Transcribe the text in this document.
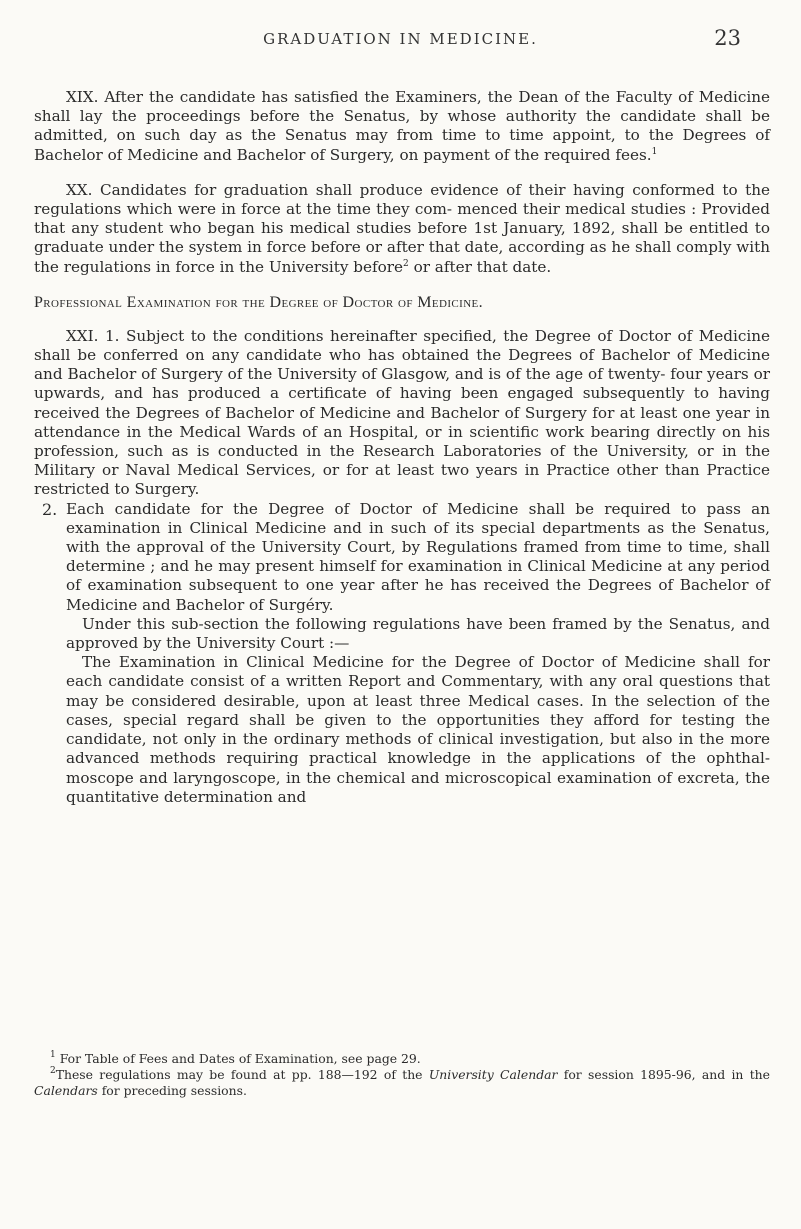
GRADUATION IN MEDICINE.	23

XIX. After the candidate has satisfied the Examiners, the Dean of the Faculty of Medicine shall lay the proceedings before the Senatus, by whose authority the candidate shall be admitted, on such day as the Senatus may from time to time appoint, to the Degrees of Bachelor of Medicine and Bachelor of Surgery, on payment of the required fees.$^1$

XX. Candidates for graduation shall produce evidence of their having conformed to the regulations which were in force at the time they com- menced their medical studies : Provided that any student who began his medical studies before 1st January, 1892, shall be entitled to graduate under the system in force before or after that date, according as he shall comply with the regulations in force in the University before$^2$ or after that date.

Professional Examination for the Degree of Doctor of Medicine.

XXI. 1. Subject to the conditions hereinafter specified, the Degree of Doctor of Medicine shall be conferred on any candidate who has obtained the Degrees of Bachelor of Medicine and Bachelor of Surgery of the University of Glasgow, and is of the age of twenty- four years or upwards, and has produced a certificate of having been engaged subsequently to having received the Degrees of Bachelor of Medicine and Bachelor of Surgery for at least one year in attendance in the Medical Wards of an Hospital, or in scientific work bearing directly on his profession, such as is conducted in the Research Laboratories of the University, or in the Military or Naval Medical Services, or for at least two years in Practice other than Practice restricted to Surgery.

2. Each candidate for the Degree of Doctor of Medicine shall be required to pass an examination in Clinical Medicine and in such of its special departments as the Senatus, with the approval of the University Court, by Regulations framed from time to time, shall determine ; and he may present himself for examination in Clinical Medicine at any period of examination subsequent to one year after he has received the Degrees of Bachelor of Medicine and Bachelor of Surgéry.

Under this sub-section the following regulations have been framed by the Senatus, and approved by the University Court :—

The Examination in Clinical Medicine for the Degree of Doctor of Medicine shall for each candidate consist of a written Report and Commentary, with any oral questions that may be considered desirable, upon at least three Medical cases. In the selection of the cases, special regard shall be given to the opportunities they afford for testing the candidate, not only in the ordinary methods of clinical investigation, but also in the more advanced methods requiring practical knowledge in the applications of the ophthal- moscope and laryngoscope, in the chemical and microscopical examination of excreta, the quantitative determination and

$^1$ For Table of Fees and Dates of Examination, see page 29.

$^2$These regulations may be found at pp. 188—192 of the University Calendar for session 1895-96, and in the Calendars for preceding sessions.
